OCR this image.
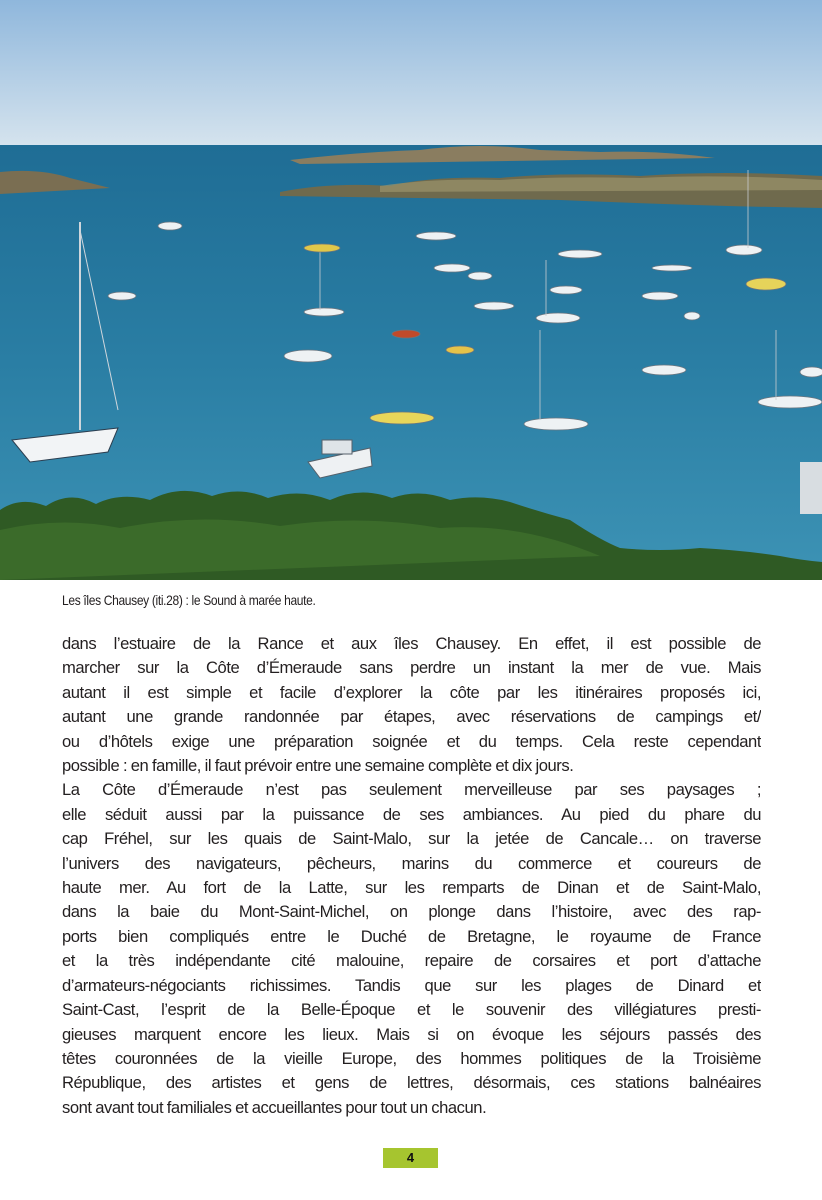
Les îles Chausey (iti.28) : le Sound à marée haute.
dans l’estuaire de la Rance et aux îles Chausey. En effet, il est possible de
marcher sur la Côte d’Émeraude sans perdre un instant la mer de vue. Mais
autant il est simple et facile d’explorer la côte par les itinéraires proposés ici,
autant une grande randonnée par étapes, avec réservations de campings et/
ou d’hôtels exige une préparation soignée et du temps. Cela reste cependant
possible : en famille, il faut prévoir entre une semaine complète et dix jours.
La Côte d’Émeraude n’est pas seulement merveilleuse par ses paysages ;
elle séduit aussi par la puissance de ses ambiances. Au pied du phare du
cap Fréhel, sur les quais de Saint-Malo, sur la jetée de Cancale… on traverse
l’univers des navigateurs, pêcheurs, marins du commerce et coureurs de
haute mer. Au fort de la Latte, sur les remparts de Dinan et de Saint-Malo,
dans la baie du Mont-Saint-Michel, on plonge dans l’histoire, avec des rap-
ports bien compliqués entre le Duché de Bretagne, le royaume de France
et la très indépendante cité malouine, repaire de corsaires et port d’attache
d’armateurs-négociants richissimes. Tandis que sur les plages de Dinard et
Saint-Cast, l’esprit de la Belle-Époque et le souvenir des villégiatures presti-
gieuses marquent encore les lieux. Mais si on évoque les séjours passés des
têtes couronnées de la vieille Europe, des hommes politiques de la Troisième
République, des artistes et gens de lettres, désormais, ces stations balnéaires
sont avant tout familiales et accueillantes pour tout un chacun.
4
